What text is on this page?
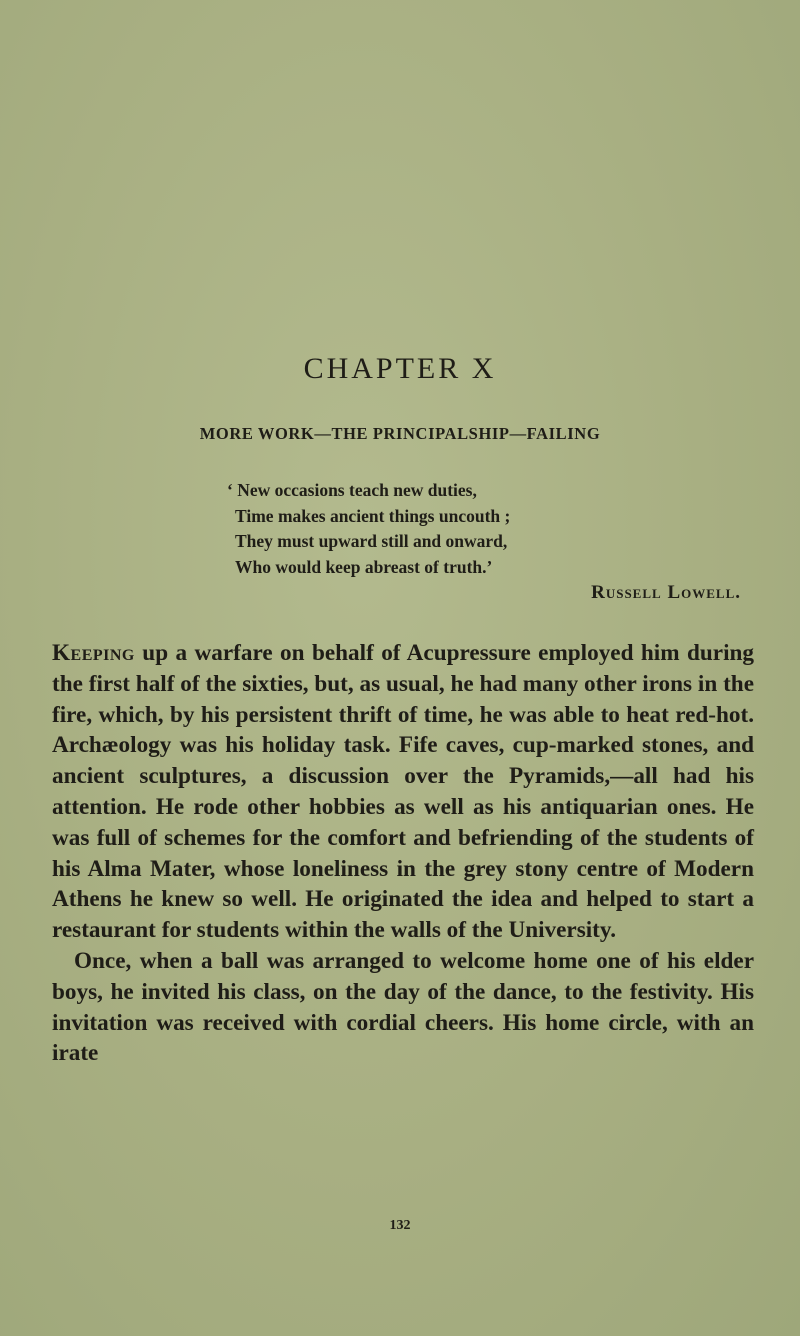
CHAPTER X
MORE WORK—THE PRINCIPALSHIP—FAILING
‘ New occasions teach new duties,
Time makes ancient things uncouth ;
They must upward still and onward,
Who would keep abreast of truth.’
Russell Lowell.

Keeping up a warfare on behalf of Acupressure employed him during the first half of the sixties, but, as usual, he had many other irons in the fire, which, by his persistent thrift of time, he was able to heat red-hot. Archæology was his holiday task. Fife caves, cup-marked stones, and ancient sculptures, a discussion over the Pyramids,—all had his attention. He rode other hobbies as well as his antiquarian ones. He was full of schemes for the comfort and befriending of the students of his Alma Mater, whose loneliness in the grey stony centre of Modern Athens he knew so well. He originated the idea and helped to start a restaurant for students within the walls of the University.

Once, when a ball was arranged to welcome home one of his elder boys, he invited his class, on the day of the dance, to the festivity. His invitation was received with cordial cheers. His home circle, with an irate

132
